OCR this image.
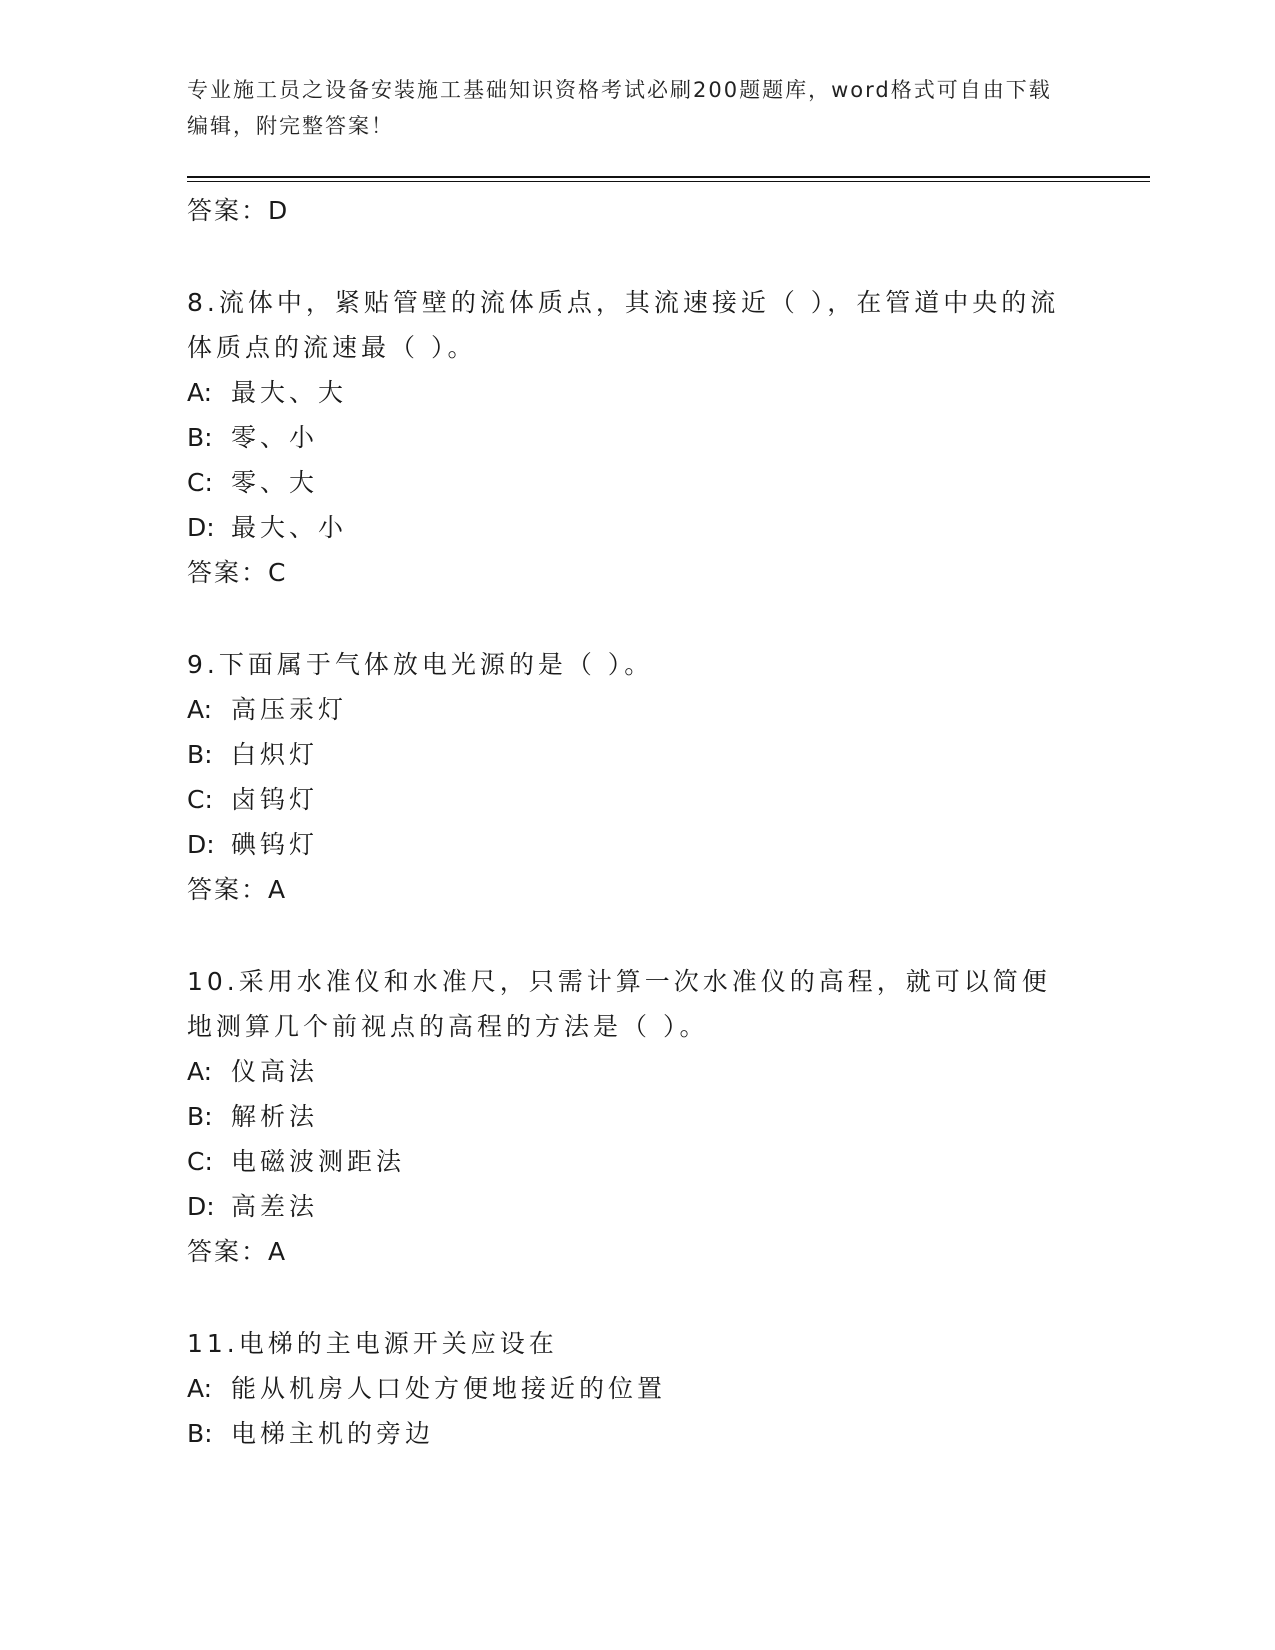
专业施工员之设备安装施工基础知识资格考试必刷200题题库，word格式可自由下载编辑，附完整答案！
答案：D
8.流体中，紧贴管壁的流体质点，其流速接近（ ），在管道中央的流体质点的流速最（ ）。
A: 最大、大
B: 零、小
C: 零、大
D: 最大、小
答案：C
9.下面属于气体放电光源的是（ ）。
A: 高压汞灯
B: 白炽灯
C: 卤钨灯
D: 碘钨灯
答案：A
10.采用水准仪和水准尺，只需计算一次水准仪的高程，就可以简便地测算几个前视点的高程的方法是（ ）。
A: 仪高法
B: 解析法
C: 电磁波测距法
D: 高差法
答案：A
11.电梯的主电源开关应设在
A: 能从机房人口处方便地接近的位置
B: 电梯主机的旁边
